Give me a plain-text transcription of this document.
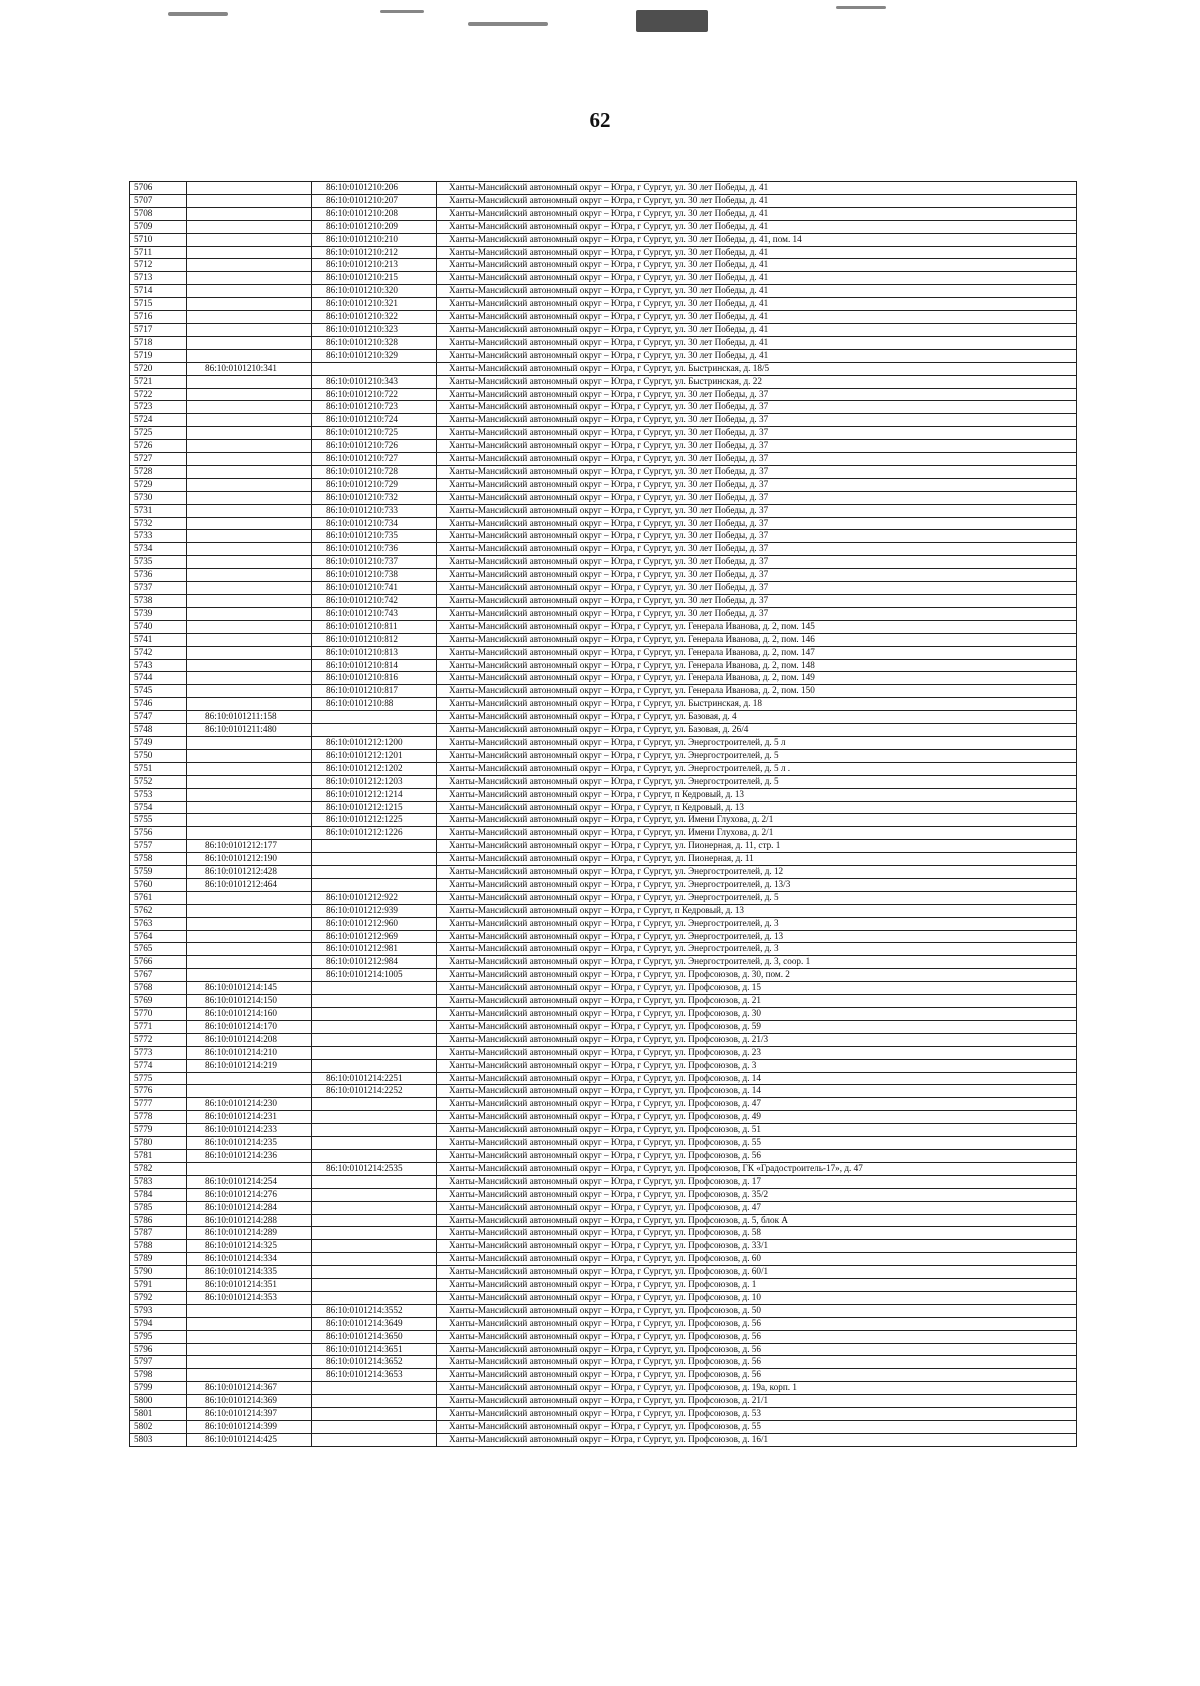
62
5706		86:10:0101210:206	Ханты-Мансийский автономный округ – Югра, г Сургут, ул. 30 лет Победы, д. 41
5707		86:10:0101210:207	Ханты-Мансийский автономный округ – Югра, г Сургут, ул. 30 лет Победы, д. 41
5708		86:10:0101210:208	Ханты-Мансийский автономный округ – Югра, г Сургут, ул. 30 лет Победы, д. 41
5709		86:10:0101210:209	Ханты-Мансийский автономный округ – Югра, г Сургут, ул. 30 лет Победы, д. 41
5710		86:10:0101210:210	Ханты-Мансийский автономный округ – Югра, г Сургут, ул. 30 лет Победы, д. 41, пом. 14
5711		86:10:0101210:212	Ханты-Мансийский автономный округ – Югра, г Сургут, ул. 30 лет Победы, д. 41
5712		86:10:0101210:213	Ханты-Мансийский автономный округ – Югра, г Сургут, ул. 30 лет Победы, д. 41
5713		86:10:0101210:215	Ханты-Мансийский автономный округ – Югра, г Сургут, ул. 30 лет Победы, д. 41
5714		86:10:0101210:320	Ханты-Мансийский автономный округ – Югра, г Сургут, ул. 30 лет Победы, д. 41
5715		86:10:0101210:321	Ханты-Мансийский автономный округ – Югра, г Сургут, ул. 30 лет Победы, д. 41
5716		86:10:0101210:322	Ханты-Мансийский автономный округ – Югра, г Сургут, ул. 30 лет Победы, д. 41
5717		86:10:0101210:323	Ханты-Мансийский автономный округ – Югра, г Сургут, ул. 30 лет Победы, д. 41
5718		86:10:0101210:328	Ханты-Мансийский автономный округ – Югра, г Сургут, ул. 30 лет Победы, д. 41
5719		86:10:0101210:329	Ханты-Мансийский автономный округ – Югра, г Сургут, ул. 30 лет Победы, д. 41
5720	86:10:0101210:341		Ханты-Мансийский автономный округ – Югра, г Сургут, ул. Быстринская, д. 18/5
5721		86:10:0101210:343	Ханты-Мансийский автономный округ – Югра, г Сургут, ул. Быстринская, д. 22
5722		86:10:0101210:722	Ханты-Мансийский автономный округ – Югра, г Сургут, ул. 30 лет Победы, д. 37
5723		86:10:0101210:723	Ханты-Мансийский автономный округ – Югра, г Сургут, ул. 30 лет Победы, д. 37
5724		86:10:0101210:724	Ханты-Мансийский автономный округ – Югра, г Сургут, ул. 30 лет Победы, д. 37
5725		86:10:0101210:725	Ханты-Мансийский автономный округ – Югра, г Сургут, ул. 30 лет Победы, д. 37
5726		86:10:0101210:726	Ханты-Мансийский автономный округ – Югра, г Сургут, ул. 30 лет Победы, д. 37
5727		86:10:0101210:727	Ханты-Мансийский автономный округ – Югра, г Сургут, ул. 30 лет Победы, д. 37
5728		86:10:0101210:728	Ханты-Мансийский автономный округ – Югра, г Сургут, ул. 30 лет Победы, д. 37
5729		86:10:0101210:729	Ханты-Мансийский автономный округ – Югра, г Сургут, ул. 30 лет Победы, д. 37
5730		86:10:0101210:732	Ханты-Мансийский автономный округ – Югра, г Сургут, ул. 30 лет Победы, д. 37
5731		86:10:0101210:733	Ханты-Мансийский автономный округ – Югра, г Сургут, ул. 30 лет Победы, д. 37
5732		86:10:0101210:734	Ханты-Мансийский автономный округ – Югра, г Сургут, ул. 30 лет Победы, д. 37
5733		86:10:0101210:735	Ханты-Мансийский автономный округ – Югра, г Сургут, ул. 30 лет Победы, д. 37
5734		86:10:0101210:736	Ханты-Мансийский автономный округ – Югра, г Сургут, ул. 30 лет Победы, д. 37
5735		86:10:0101210:737	Ханты-Мансийский автономный округ – Югра, г Сургут, ул. 30 лет Победы, д. 37
5736		86:10:0101210:738	Ханты-Мансийский автономный округ – Югра, г Сургут, ул. 30 лет Победы, д. 37
5737		86:10:0101210:741	Ханты-Мансийский автономный округ – Югра, г Сургут, ул. 30 лет Победы, д. 37
5738		86:10:0101210:742	Ханты-Мансийский автономный округ – Югра, г Сургут, ул. 30 лет Победы, д. 37
5739		86:10:0101210:743	Ханты-Мансийский автономный округ – Югра, г Сургут, ул. 30 лет Победы, д. 37
5740		86:10:0101210:811	Ханты-Мансийский автономный округ – Югра, г Сургут, ул. Генерала Иванова, д. 2, пом. 145
5741		86:10:0101210:812	Ханты-Мансийский автономный округ – Югра, г Сургут, ул. Генерала Иванова, д. 2, пом. 146
5742		86:10:0101210:813	Ханты-Мансийский автономный округ – Югра, г Сургут, ул. Генерала Иванова, д. 2, пом. 147
5743		86:10:0101210:814	Ханты-Мансийский автономный округ – Югра, г Сургут, ул. Генерала Иванова, д. 2, пом. 148
5744		86:10:0101210:816	Ханты-Мансийский автономный округ – Югра, г Сургут, ул. Генерала Иванова, д. 2, пом. 149
5745		86:10:0101210:817	Ханты-Мансийский автономный округ – Югра, г Сургут, ул. Генерала Иванова, д. 2, пом. 150
5746		86:10:0101210:88	Ханты-Мансийский автономный округ – Югра, г Сургут, ул. Быстринская, д. 18
5747	86:10:0101211:158		Ханты-Мансийский автономный округ – Югра, г Сургут, ул. Базовая, д. 4
5748	86:10:0101211:480		Ханты-Мансийский автономный округ – Югра, г Сургут, ул. Базовая, д. 26/4
5749		86:10:0101212:1200	Ханты-Мансийский автономный округ – Югра, г Сургут, ул. Энергостроителей, д. 5 л
5750		86:10:0101212:1201	Ханты-Мансийский автономный округ – Югра, г Сургут, ул. Энергостроителей, д. 5
5751		86:10:0101212:1202	Ханты-Мансийский автономный округ – Югра, г Сургут, ул. Энергостроителей, д. 5 л .
5752		86:10:0101212:1203	Ханты-Мансийский автономный округ – Югра, г Сургут, ул. Энергостроителей, д. 5
5753		86:10:0101212:1214	Ханты-Мансийский автономный округ – Югра, г Сургут, п Кедровый, д. 13
5754		86:10:0101212:1215	Ханты-Мансийский автономный округ – Югра, г Сургут, п Кедровый, д. 13
5755		86:10:0101212:1225	Ханты-Мансийский автономный округ – Югра, г Сургут, ул. Имени Глухова, д. 2/1
5756		86:10:0101212:1226	Ханты-Мансийский автономный округ – Югра, г Сургут, ул. Имени Глухова, д. 2/1
5757	86:10:0101212:177		Ханты-Мансийский автономный округ – Югра, г Сургут, ул. Пионерная, д. 11, стр. 1
5758	86:10:0101212:190		Ханты-Мансийский автономный округ – Югра, г Сургут, ул. Пионерная, д. 11
5759	86:10:0101212:428		Ханты-Мансийский автономный округ – Югра, г Сургут, ул. Энергостроителей, д. 12
5760	86:10:0101212:464		Ханты-Мансийский автономный округ – Югра, г Сургут, ул. Энергостроителей, д. 13/3
5761		86:10:0101212:922	Ханты-Мансийский автономный округ – Югра, г Сургут, ул. Энергостроителей, д. 5
5762		86:10:0101212:939	Ханты-Мансийский автономный округ – Югра, г Сургут, п Кедровый, д. 13
5763		86:10:0101212:960	Ханты-Мансийский автономный округ – Югра, г Сургут, ул. Энергостроителей, д. 3
5764		86:10:0101212:969	Ханты-Мансийский автономный округ – Югра, г Сургут, ул. Энергостроителей, д. 13
5765		86:10:0101212:981	Ханты-Мансийский автономный округ – Югра, г Сургут, ул. Энергостроителей, д. 3
5766		86:10:0101212:984	Ханты-Мансийский автономный округ – Югра, г Сургут, ул. Энергостроителей, д. 3, соор. 1
5767		86:10:0101214:1005	Ханты-Мансийский автономный округ – Югра, г Сургут, ул. Профсоюзов, д. 30, пом. 2
5768	86:10:0101214:145		Ханты-Мансийский автономный округ – Югра, г Сургут, ул. Профсоюзов, д. 15
5769	86:10:0101214:150		Ханты-Мансийский автономный округ – Югра, г Сургут, ул. Профсоюзов, д. 21
5770	86:10:0101214:160		Ханты-Мансийский автономный округ – Югра, г Сургут, ул. Профсоюзов, д. 30
5771	86:10:0101214:170		Ханты-Мансийский автономный округ – Югра, г Сургут, ул. Профсоюзов, д. 59
5772	86:10:0101214:208		Ханты-Мансийский автономный округ – Югра, г Сургут, ул. Профсоюзов, д. 21/3
5773	86:10:0101214:210		Ханты-Мансийский автономный округ – Югра, г Сургут, ул. Профсоюзов, д. 23
5774	86:10:0101214:219		Ханты-Мансийский автономный округ – Югра, г Сургут, ул. Профсоюзов, д. 3
5775		86:10:0101214:2251	Ханты-Мансийский автономный округ – Югра, г Сургут, ул. Профсоюзов, д. 14
5776		86:10:0101214:2252	Ханты-Мансийский автономный округ – Югра, г Сургут, ул. Профсоюзов, д. 14
5777	86:10:0101214:230		Ханты-Мансийский автономный округ – Югра, г Сургут, ул. Профсоюзов, д. 47
5778	86:10:0101214:231		Ханты-Мансийский автономный округ – Югра, г Сургут, ул. Профсоюзов, д. 49
5779	86:10:0101214:233		Ханты-Мансийский автономный округ – Югра, г Сургут, ул. Профсоюзов, д. 51
5780	86:10:0101214:235		Ханты-Мансийский автономный округ – Югра, г Сургут, ул. Профсоюзов, д. 55
5781	86:10:0101214:236		Ханты-Мансийский автономный округ – Югра, г Сургут, ул. Профсоюзов, д. 56
5782		86:10:0101214:2535	Ханты-Мансийский автономный округ – Югра, г Сургут, ул. Профсоюзов, ГК «Градостроитель-17», д. 47
5783	86:10:0101214:254		Ханты-Мансийский автономный округ – Югра, г Сургут, ул. Профсоюзов, д. 17
5784	86:10:0101214:276		Ханты-Мансийский автономный округ – Югра, г Сургут, ул. Профсоюзов, д. 35/2
5785	86:10:0101214:284		Ханты-Мансийский автономный округ – Югра, г Сургут, ул. Профсоюзов, д. 47
5786	86:10:0101214:288		Ханты-Мансийский автономный округ – Югра, г Сургут, ул. Профсоюзов, д. 5, блок А
5787	86:10:0101214:289		Ханты-Мансийский автономный округ – Югра, г Сургут, ул. Профсоюзов, д. 58
5788	86:10:0101214:325		Ханты-Мансийский автономный округ – Югра, г Сургут, ул. Профсоюзов, д. 33/1
5789	86:10:0101214:334		Ханты-Мансийский автономный округ – Югра, г Сургут, ул. Профсоюзов, д. 60
5790	86:10:0101214:335		Ханты-Мансийский автономный округ – Югра, г Сургут, ул. Профсоюзов, д. 60/1
5791	86:10:0101214:351		Ханты-Мансийский автономный округ – Югра, г Сургут, ул. Профсоюзов, д. 1
5792	86:10:0101214:353		Ханты-Мансийский автономный округ – Югра, г Сургут, ул. Профсоюзов, д. 10
5793		86:10:0101214:3552	Ханты-Мансийский автономный округ – Югра, г Сургут, ул. Профсоюзов, д. 50
5794		86:10:0101214:3649	Ханты-Мансийский автономный округ – Югра, г Сургут, ул. Профсоюзов, д. 56
5795		86:10:0101214:3650	Ханты-Мансийский автономный округ – Югра, г Сургут, ул. Профсоюзов, д. 56
5796		86:10:0101214:3651	Ханты-Мансийский автономный округ – Югра, г Сургут, ул. Профсоюзов, д. 56
5797		86:10:0101214:3652	Ханты-Мансийский автономный округ – Югра, г Сургут, ул. Профсоюзов, д. 56
5798		86:10:0101214:3653	Ханты-Мансийский автономный округ – Югра, г Сургут, ул. Профсоюзов, д. 56
5799	86:10:0101214:367		Ханты-Мансийский автономный округ – Югра, г Сургут, ул. Профсоюзов, д. 19а, корп. 1
5800	86:10:0101214:369		Ханты-Мансийский автономный округ – Югра, г Сургут, ул. Профсоюзов, д. 21/1
5801	86:10:0101214:397		Ханты-Мансийский автономный округ – Югра, г Сургут, ул. Профсоюзов, д. 53
5802	86:10:0101214:399		Ханты-Мансийский автономный округ – Югра, г Сургут, ул. Профсоюзов, д. 55
5803	86:10:0101214:425		Ханты-Мансийский автономный округ – Югра, г Сургут, ул. Профсоюзов, д. 16/1
